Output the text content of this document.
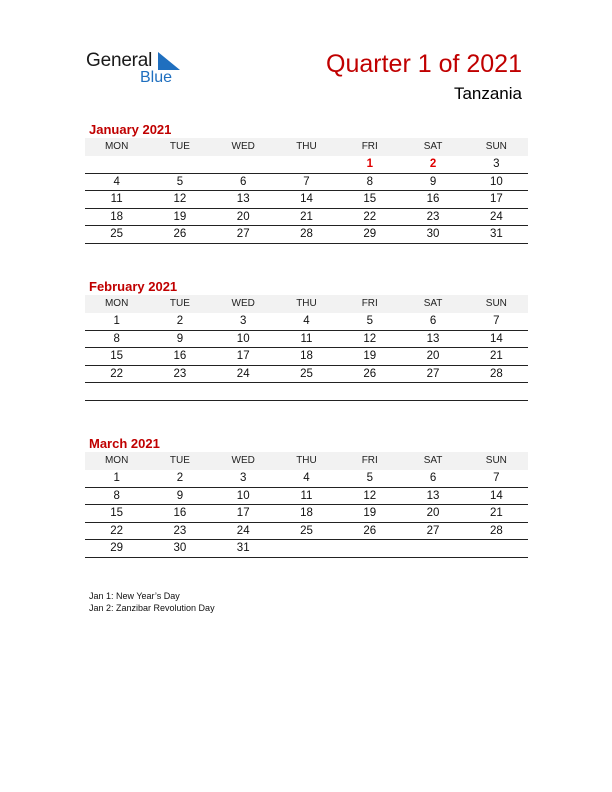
General
Blue	Quarter 1 of 2021
Tanzania
January 2021
MON	TUE	WED	THU	FRI	SAT	SUN
				1	2	3
4	5	6	7	8	9	10
11	12	13	14	15	16	17
18	19	20	21	22	23	24
25	26	27	28	29	30	31
February 2021
MON	TUE	WED	THU	FRI	SAT	SUN
1	2	3	4	5	6	7
8	9	10	11	12	13	14
15	16	17	18	19	20	21
22	23	24	25	26	27	28

March 2021
MON	TUE	WED	THU	FRI	SAT	SUN
1	2	3	4	5	6	7
8	9	10	11	12	13	14
15	16	17	18	19	20	21
22	23	24	25	26	27	28
29	30	31				
Jan 1: New Year’s Day
Jan 2: Zanzibar Revolution Day
